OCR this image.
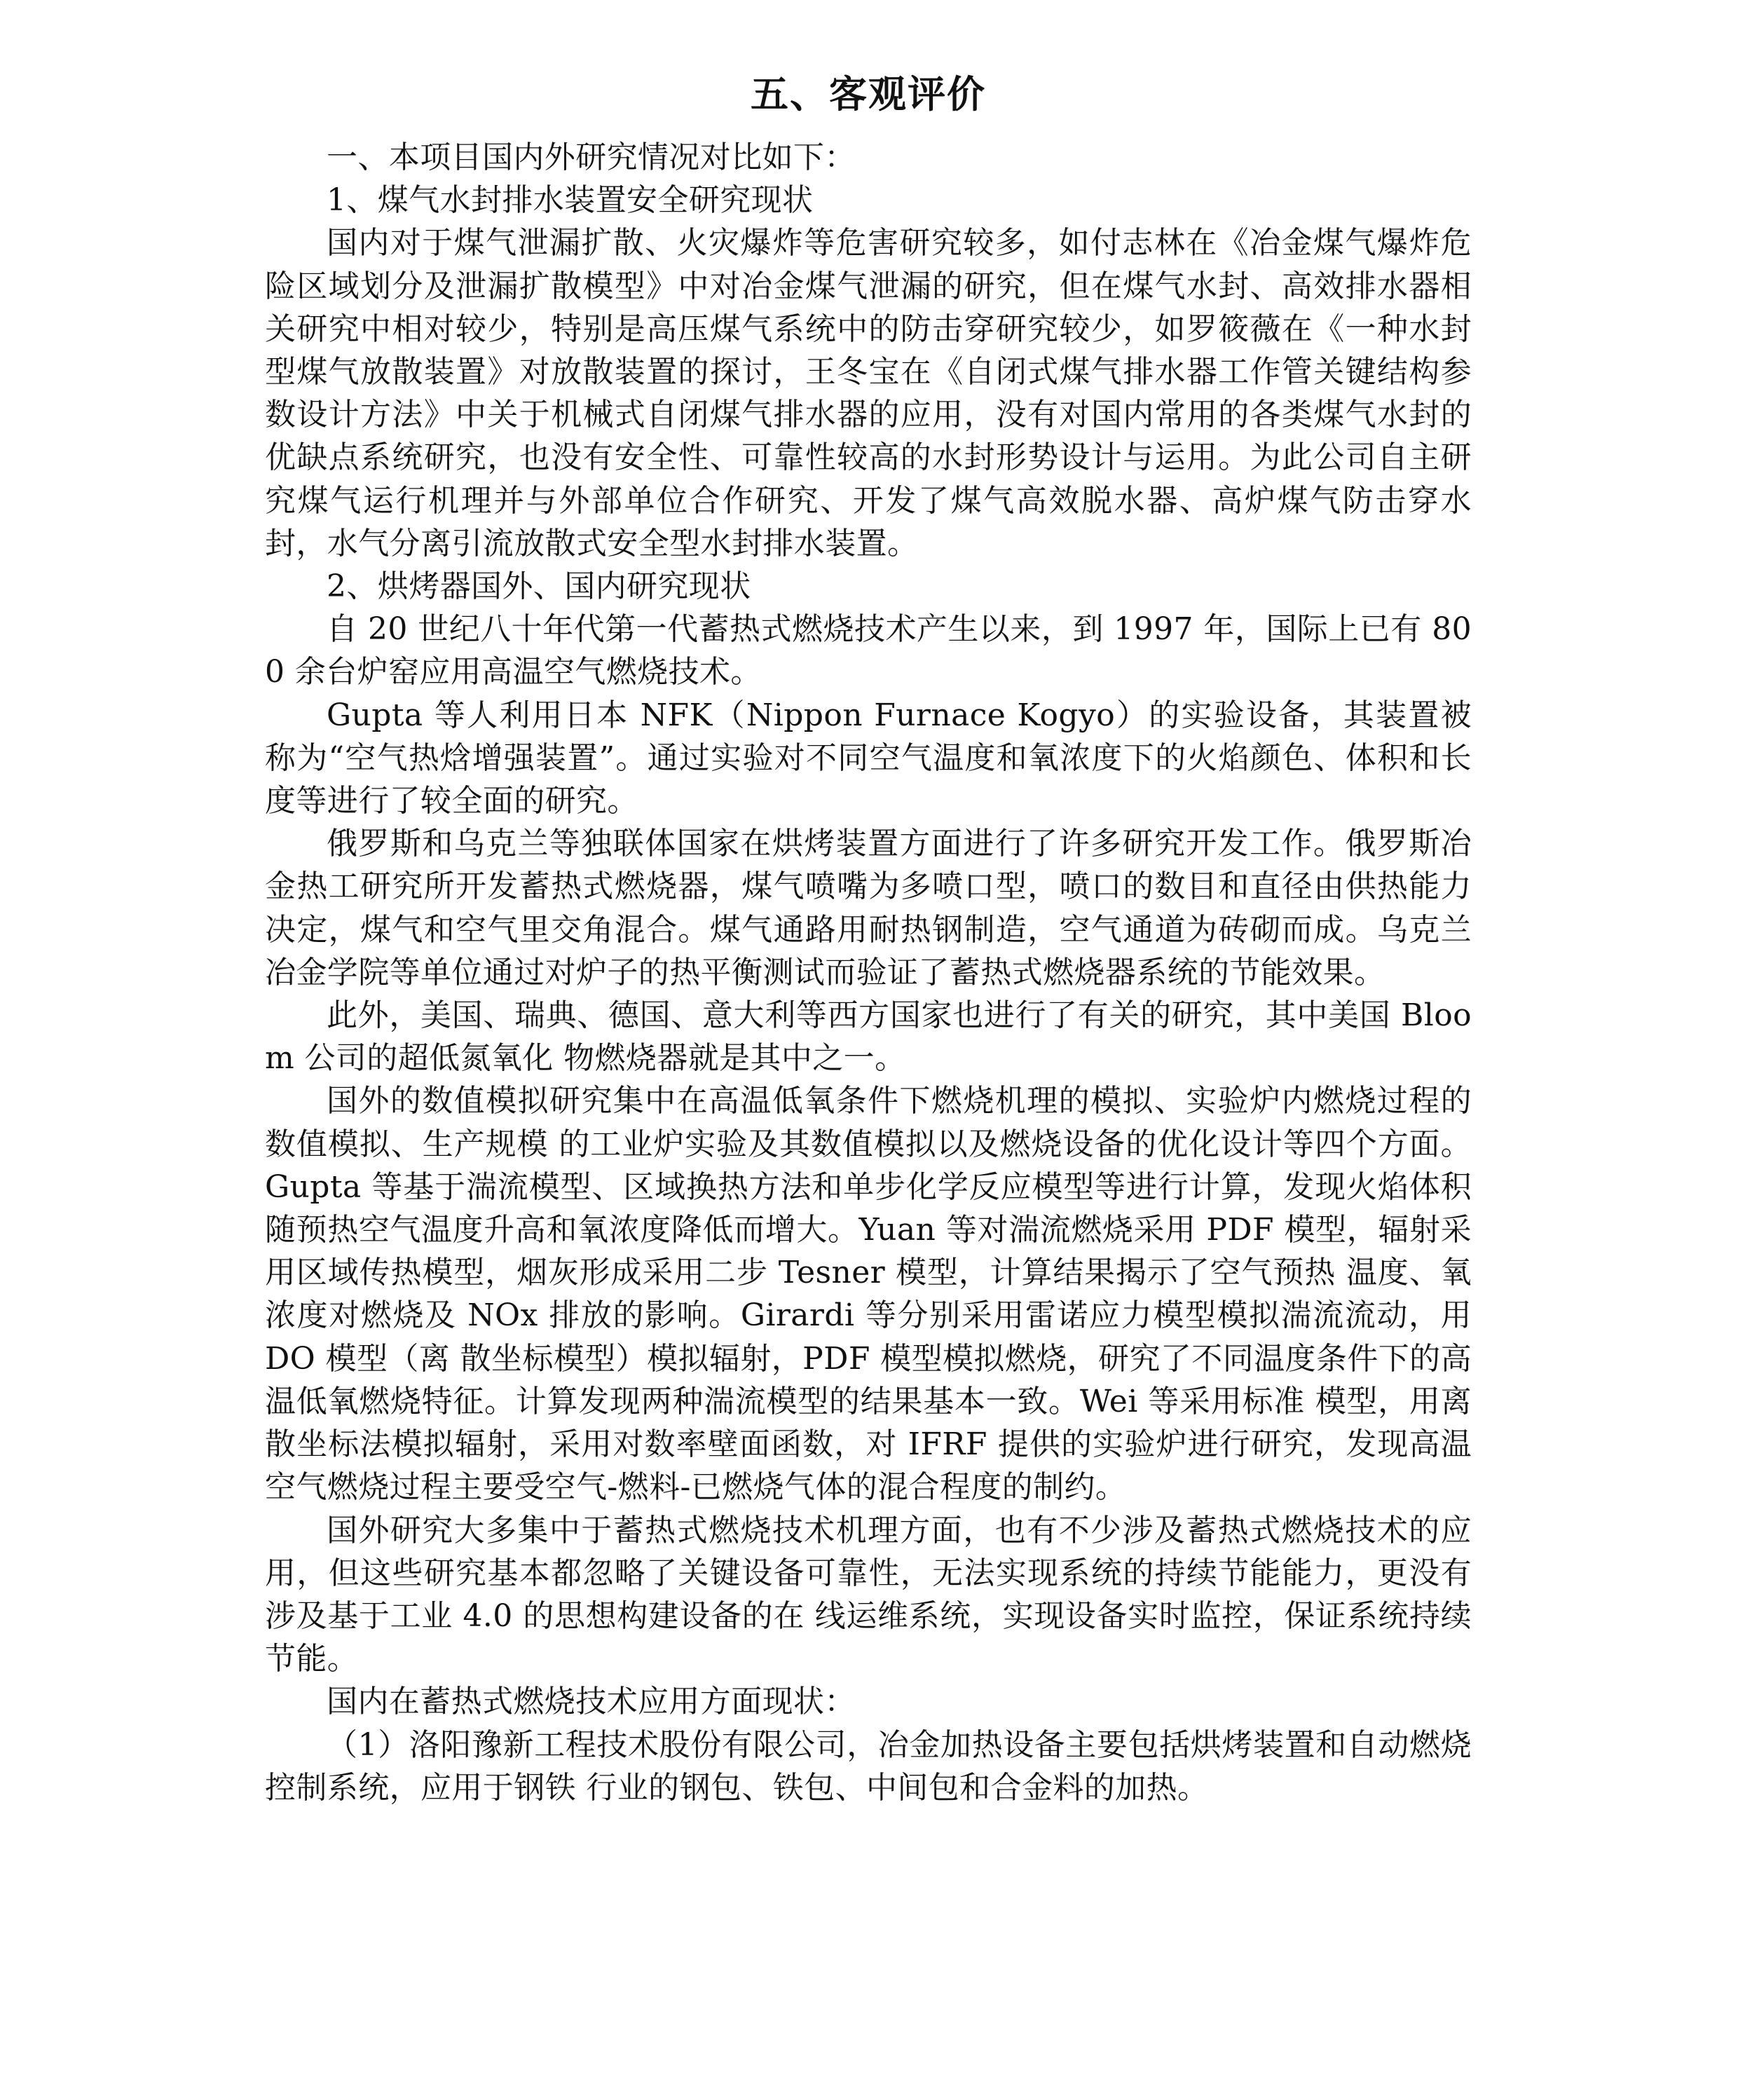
五、客观评价

一、本项目国内外研究情况对比如下：

1、煤气水封排水装置安全研究现状

国内对于煤气泄漏扩散、火灾爆炸等危害研究较多，如付志林在《冶金煤气爆炸危险区域划分及泄漏扩散模型》中对冶金煤气泄漏的研究，但在煤气水封、高效排水器相关研究中相对较少，特别是高压煤气系统中的防击穿研究较少，如罗筱薇在《一种水封型煤气放散装置》对放散装置的探讨，王冬宝在《自闭式煤气排水器工作管关键结构参数设计方法》中关于机械式自闭煤气排水器的应用，没有对国内常用的各类煤气水封的优缺点系统研究，也没有安全性、可靠性较高的水封形势设计与运用。为此公司自主研究煤气运行机理并与外部单位合作研究、开发了煤气高效脱水器、高炉煤气防击穿水封，水气分离引流放散式安全型水封排水装置。

2、烘烤器国外、国内研究现状

自 20 世纪八十年代第一代蓄热式燃烧技术产生以来，到 1997 年，国际上已有 800 余台炉窑应用高温空气燃烧技术。

Gupta 等人利用日本 NFK（Nippon Furnace Kogyo）的实验设备，其装置被称为“空气热焓增强装置”。通过实验对不同空气温度和氧浓度下的火焰颜色、体积和长度等进行了较全面的研究。

俄罗斯和乌克兰等独联体国家在烘烤装置方面进行了许多研究开发工作。俄罗斯冶金热工研究所开发蓄热式燃烧器，煤气喷嘴为多喷口型，喷口的数目和直径由供热能力决定，煤气和空气里交角混合。煤气通路用耐热钢制造，空气通道为砖砌而成。乌克兰冶金学院等单位通过对炉子的热平衡测试而验证了蓄热式燃烧器系统的节能效果。

此外，美国、瑞典、德国、意大利等西方国家也进行了有关的研究，其中美国 Bloom 公司的超低氮氧化 物燃烧器就是其中之一。

国外的数值模拟研究集中在高温低氧条件下燃烧机理的模拟、实验炉内燃烧过程的数值模拟、生产规模 的工业炉实验及其数值模拟以及燃烧设备的优化设计等四个方面。Gupta 等基于湍流模型、区域换热方法和单步化学反应模型等进行计算，发现火焰体积随预热空气温度升高和氧浓度降低而增大。Yuan 等对湍流燃烧采用 PDF 模型，辐射采用区域传热模型，烟灰形成采用二步 Tesner 模型，计算结果揭示了空气预热 温度、氧浓度对燃烧及 NOx 排放的影响。Girardi 等分别采用雷诺应力模型模拟湍流流动，用 DO 模型（离 散坐标模型）模拟辐射，PDF 模型模拟燃烧，研究了不同温度条件下的高温低氧燃烧特征。计算发现两种湍流模型的结果基本一致。Wei 等采用标准 模型，用离散坐标法模拟辐射，采用对数率壁面函数，对 IFRF 提供的实验炉进行研究，发现高温空气燃烧过程主要受空气-燃料-已燃烧气体的混合程度的制约。

国外研究大多集中于蓄热式燃烧技术机理方面，也有不少涉及蓄热式燃烧技术的应用，但这些研究基本都忽略了关键设备可靠性，无法实现系统的持续节能能力，更没有涉及基于工业 4.0 的思想构建设备的在 线运维系统，实现设备实时监控，保证系统持续节能。

国内在蓄热式燃烧技术应用方面现状：

（1）洛阳豫新工程技术股份有限公司，冶金加热设备主要包括烘烤装置和自动燃烧控制系统，应用于钢铁 行业的钢包、铁包、中间包和合金料的加热。
